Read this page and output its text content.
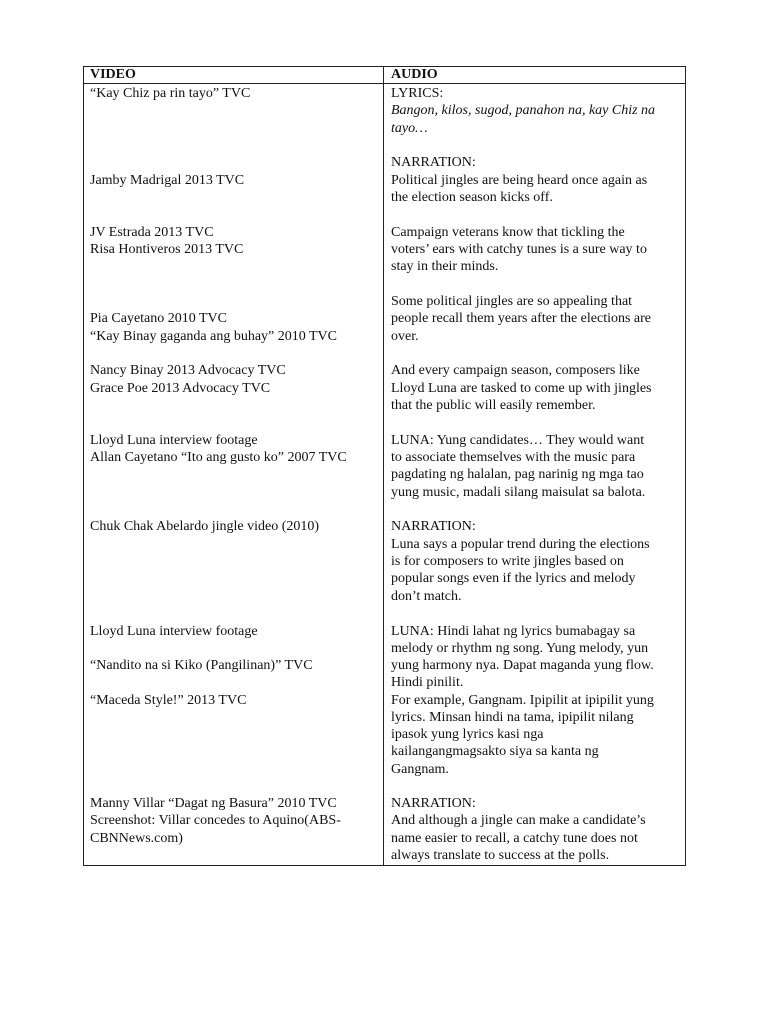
VIDEO	AUDIO
“Kay Chiz pa rin tayo” TVC
Jamby Madrigal 2013 TVC
JV Estrada 2013 TVC
Risa Hontiveros 2013 TVC
Pia Cayetano 2010 TVC
“Kay Binay gaganda ang buhay” 2010 TVC
Nancy Binay 2013 Advocacy TVC
Grace Poe 2013 Advocacy TVC
Lloyd Luna interview footage
Allan Cayetano “Ito ang gusto ko” 2007 TVC
Chuk Chak Abelardo jingle video (2010)
Lloyd Luna interview footage
“Nandito na si Kiko (Pangilinan)” TVC
“Maceda Style!” 2013 TVC
Manny Villar “Dagat ng Basura” 2010 TVC
Screenshot: Villar concedes to Aquino(ABS-
CBNNews.com)
LYRICS:
Bangon, kilos, sugod, panahon na, kay Chiz na
tayo…
NARRATION:
Political jingles are being heard once again as
the election season kicks off.
Campaign veterans know that tickling the
voters’ ears with catchy tunes is a sure way to
stay in their minds.
Some political jingles are so appealing that
people recall them years after the elections are
over.
And every campaign season, composers like
Lloyd Luna are tasked to come up with jingles
that the public will easily remember.
LUNA: Yung candidates… They would want
to associate themselves with the music para
pagdating ng halalan, pag narinig ng mga tao
yung music, madali silang maisulat sa balota.
NARRATION:
Luna says a popular trend during the elections
is for composers to write jingles based on
popular songs even if the lyrics and melody
don’t match.
LUNA: Hindi lahat ng lyrics bumabagay sa
melody or rhythm ng song. Yung melody, yun
yung harmony nya. Dapat maganda yung flow.
Hindi pinilit.
For example, Gangnam. Ipipilit at ipipilit yung
lyrics. Minsan hindi na tama, ipipilit nilang
ipasok yung lyrics kasi nga
kailangangmagsakto siya sa kanta ng
Gangnam.
NARRATION:
And although a jingle can make a candidate’s
name easier to recall, a catchy tune does not
always translate to success at the polls.
